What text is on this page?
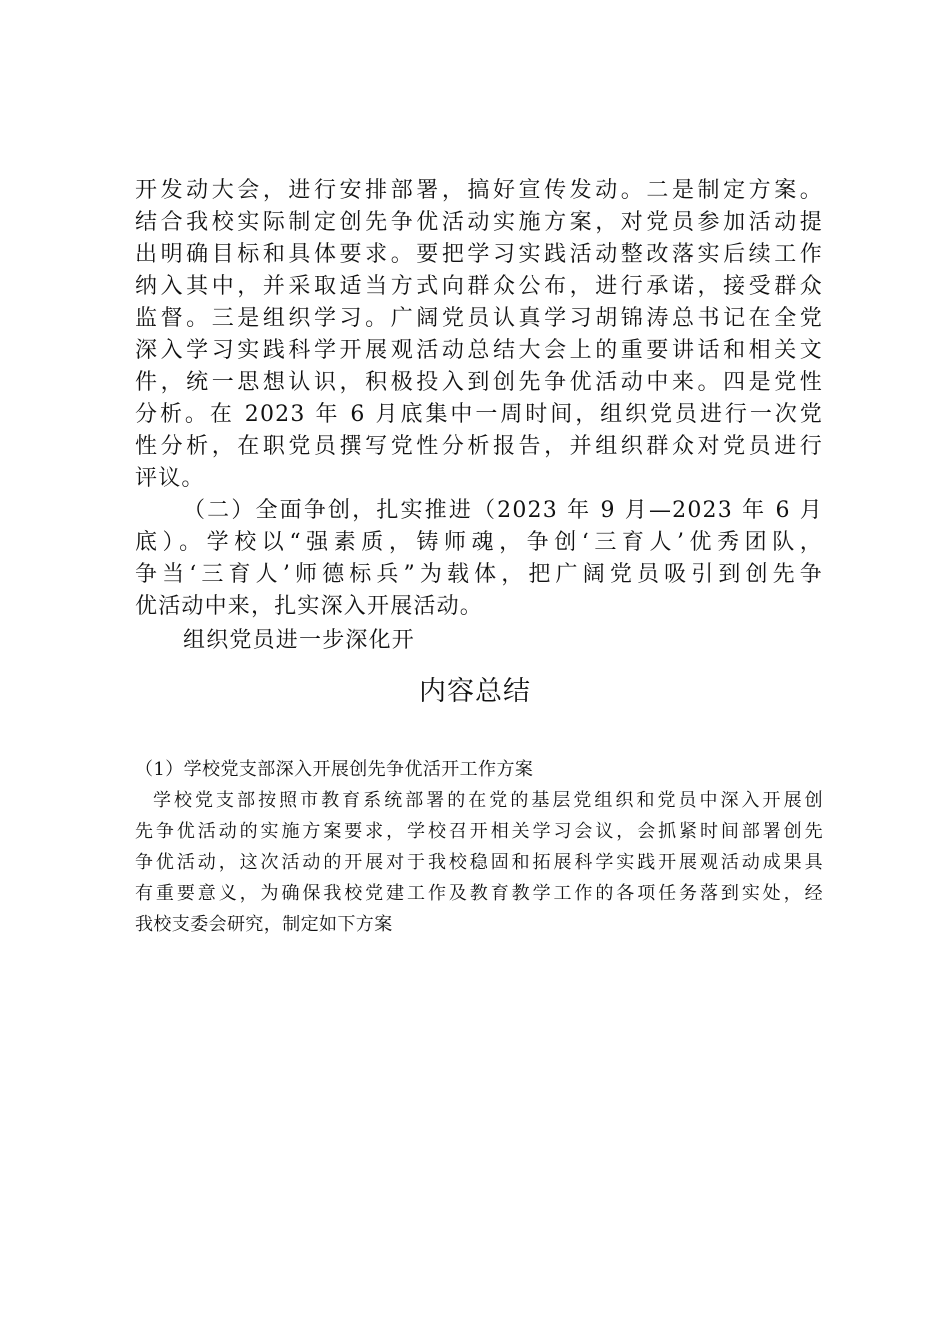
开发动大会，进行安排部署，搞好宣传发动。二是制定方案。
结合我校实际制定创先争优活动实施方案，对党员参加活动提
出明确目标和具体要求。要把学习实践活动整改落实后续工作
纳入其中，并采取适当方式向群众公布，进行承诺，接受群众
监督。三是组织学习。广阔党员认真学习胡锦涛总书记在全党
深入学习实践科学开展观活动总结大会上的重要讲话和相关文
件，统一思想认识，积极投入到创先争优活动中来。四是党性
分析。在 2023 年 6 月底集中一周时间，组织党员进行一次党
性分析，在职党员撰写党性分析报告，并组织群众对党员进行
评议。
（二）全面争创，扎实推进（2023 年 9 月—2023 年 6 月
底）。学校以“强素质，铸师魂，争创‘三育人’优秀团队，
争当‘三育人’师德标兵”为载体，把广阔党员吸引到创先争
优活动中来，扎实深入开展活动。
组织党员进一步深化开
内容总结
（1）学校党支部深入开展创先争优活开工作方案
学校党支部按照市教育系统部署的在党的基层党组织和党员中深入开展创
先争优活动的实施方案要求，学校召开相关学习会议，会抓紧时间部署创先
争优活动，这次活动的开展对于我校稳固和拓展科学实践开展观活动成果具
有重要意义，为确保我校党建工作及教育教学工作的各项任务落到实处，经
我校支委会研究，制定如下方案
